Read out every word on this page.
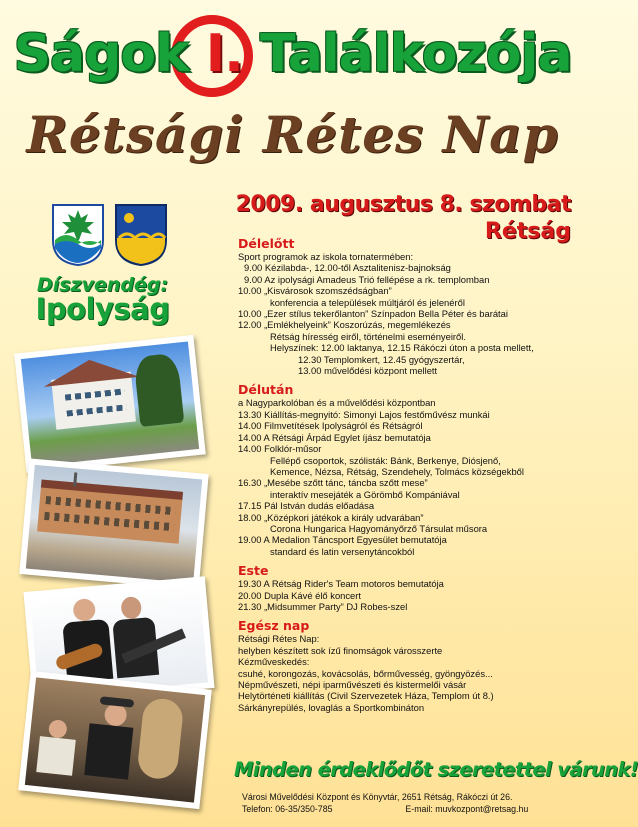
Ságok I. Találkozója
Rétsági Rétes Nap
2009. augusztus 8. szombat
Rétság
Díszvendég:
Ipolyság
Délelőtt
Sport programok az iskola tornatermében:
9.00 Kézilabda-, 12.00-től Asztalitenisz-bajnokság
9.00 Az ipolysági Amadeus Trió fellépése a rk. templomban
10.00 „Kisvárosok szomszédságban”
konferencia a települések múltjáról és jelenéről
10.00 „Ezer stílus tekerőlanton” Színpadon Bella Péter és barátai
12.00 „Emlékhelyeink” Koszorúzás, megemlékezés
Rétság híresség eiről, történelmi eseményeiről.
Helyszínek: 12.00 laktanya, 12.15 Rákóczi úton a posta mellett,
12.30 Templomkert, 12.45 gyógyszertár,
13.00 művelődési központ mellett
Délután
a Nagyparkolóban és a művelődési központban
13.30 Kiállítás-megnyitó: Simonyi Lajos festőművész munkái
14.00 Filmvetítések Ipolyságról és Rétságról
14.00 A Rétsági Árpád Egylet íjász bemutatója
14.00 Folklór-műsor
Fellépő csoportok, szólisták: Bánk, Berkenye, Diósjenő,
Kemence, Nézsa, Rétság, Szendehely, Tolmács községekből
16.30 „Mesébe szőtt tánc, táncba szőtt mese”
interaktív mesejáték a Görömbő Kompániával
17.15 Pál István dudás előadása
18.00 „Középkori játékok a király udvarában”
Corona Hungarica Hagyományőrző Társulat műsora
19.00 A Medalion Táncsport Egyesület bemutatója
standard és latin versenytáncokból
Este
19.30 A Rétság Rider's Team motoros bemutatója
20.00 Dupla Kávé élő koncert
21.30 „Midsummer Party” DJ Robes-szel
Egész nap
Rétsági Rétes Nap:
helyben készített sok ízű finomságok városszerte
Kézműveskedés:
csuhé, korongozás, kovácsolás, bőrművesség, gyöngyözés...
Népművészeti, népi iparművészeti és kistermelői vásár
Helytörténeti kiállítás (Civil Szervezetek Háza, Templom út 8.)
Sárkányrepülés, lovaglás a Sportkombináton
Minden érdeklődőt szeretettel várunk!
Városi Művelődési Központ és Könyvtár, 2651 Rétság, Rákóczi út 26.
Telefon: 06-35/350-785	E-mail: muvkozpont@retsag.hu
